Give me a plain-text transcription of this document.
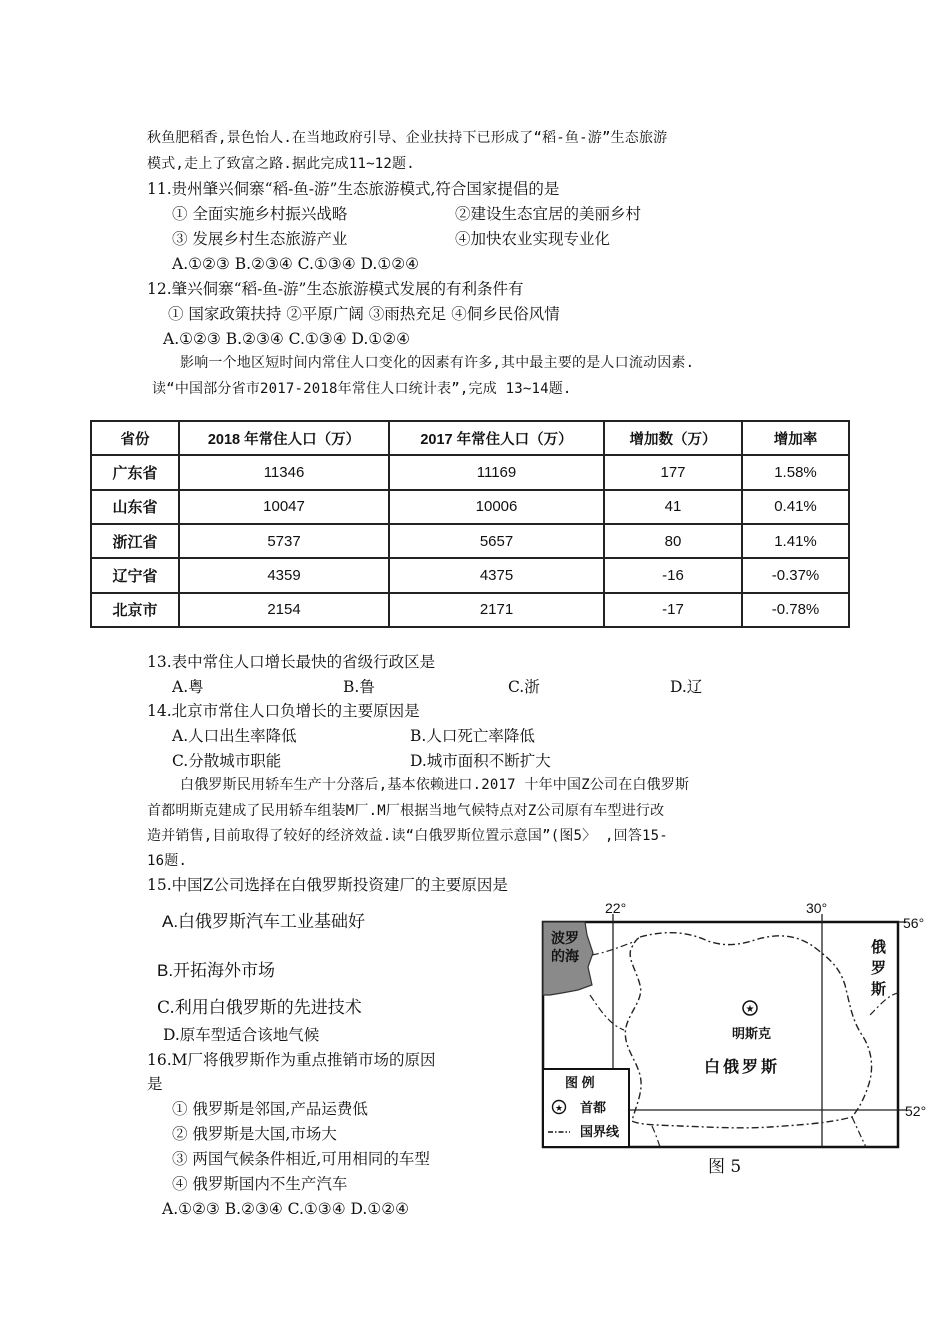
秋鱼肥稻香,景色怡人.在当地政府引导、企业扶持下已形成了“稻-鱼-游”生态旅游
模式,走上了致富之路.据此完成11~12题.
11.贵州肇兴侗寨“稻-鱼-游”生态旅游模式,符合国家提倡的是
① 全面实施乡村振兴战略	②建设生态宜居的美丽乡村
③ 发展乡村生态旅游产业	④加快农业实现专业化
A.①②③ B.②③④ C.①③④ D.①②④
12.肇兴侗寨“稻-鱼-游”生态旅游模式发展的有利条件有
① 国家政策扶持 ②平原广阔 ③雨热充足 ④侗乡民俗风情
A.①②③ B.②③④ C.①③④ D.①②④
影响一个地区短时间内常住人口变化的因素有许多,其中最主要的是人口流动因素.
读“中国部分省市2017-2018年常住人口统计表”,完成 13~14题.
省份	2018 年常住人口（万）	2017 年常住人口（万）	增加数（万）	增加率
广东省	11346	11169	177	1.58%
山东省	10047	10006	41	0.41%
浙江省	5737	5657	80	1.41%
辽宁省	4359	4375	-16	-0.37%
北京市	2154	2171	-17	-0.78%
13.表中常住人口增长最快的省级行政区是
A.粤	B.鲁	C.浙	D.辽
14.北京市常住人口负增长的主要原因是
A.人口出生率降低	B.人口死亡率降低
C.分散城市职能	D.城市面积不断扩大
白俄罗斯民用轿车生产十分落后,基本依赖进口.2017 十年中国Z公司在白俄罗斯
首都明斯克建成了民用轿车组装M厂.M厂根据当地气候特点对Z公司原有车型进行改
造并销售,目前取得了较好的经济效益.读“白俄罗斯位置示意国”(图5〉 ,回答15-
16题.
15.中国Z公司选择在白俄罗斯投资建厂的主要原因是
A.白俄罗斯汽车工业基础好
B.开拓海外市场
C.利用白俄罗斯的先进技术
D.原车型适合该地气候
16.M厂将俄罗斯作为重点推销市场的原因
是
① 俄罗斯是邻国,产品运费低
② 俄罗斯是大国,市场大
③ 两国气候条件相近,可用相同的车型
④ 俄罗斯国内不生产汽车
A.①②③ B.②③④ C.①③④ D.①②④
★
★
22°	30°
56°
52°
波罗
的海	俄
罗
斯
明斯克
白俄罗斯
图 例
首都
国界线
图 5
